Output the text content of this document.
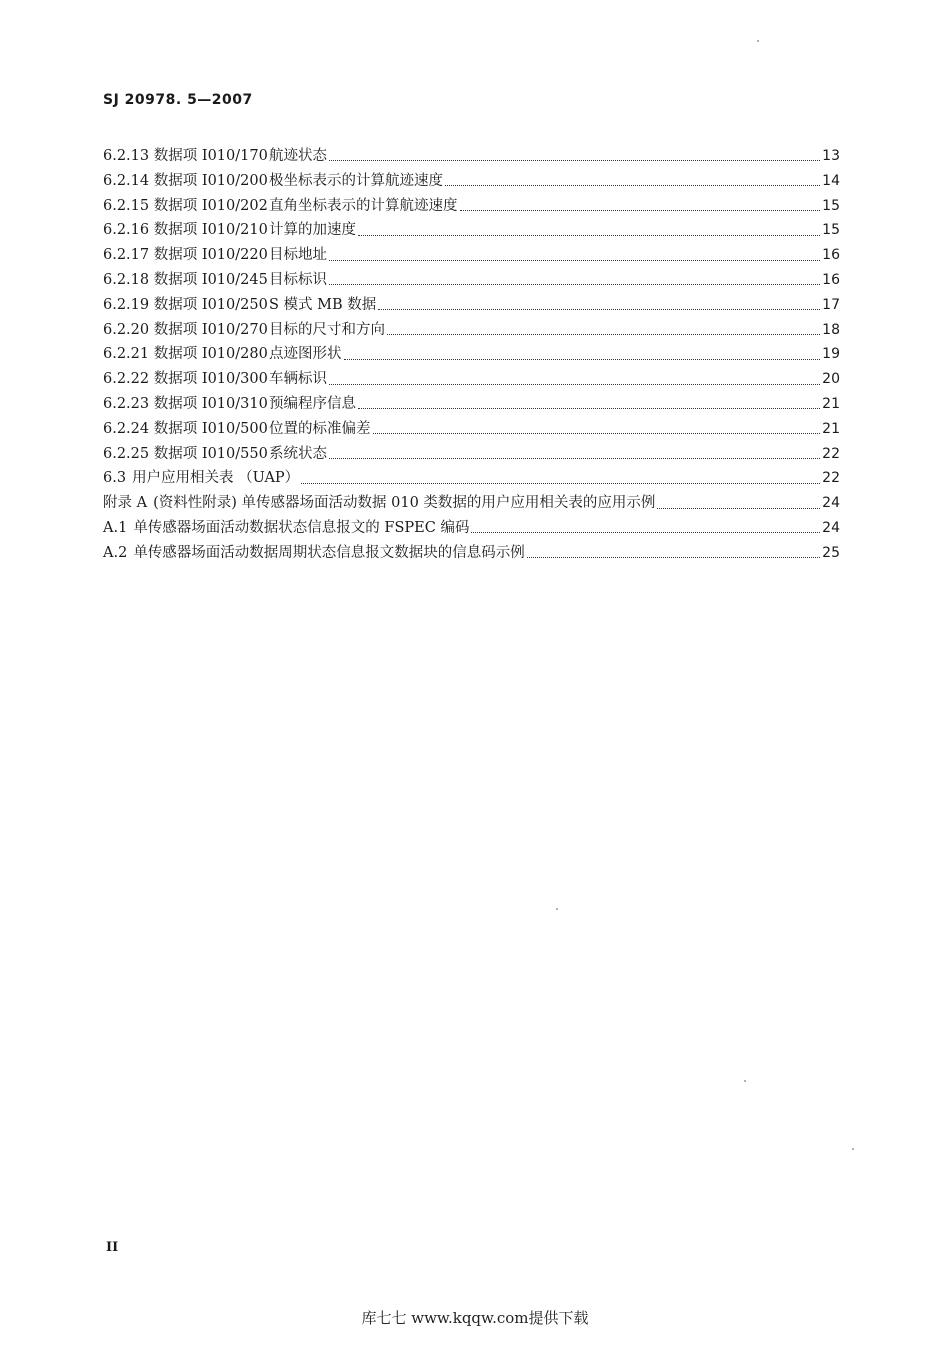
SJ 20978. 5—2007
6.2.13 数据项 I010/170 航迹状态	13
6.2.14 数据项 I010/200 极坐标表示的计算航迹速度	14
6.2.15 数据项 I010/202 直角坐标表示的计算航迹速度	15
6.2.16 数据项 I010/210 计算的加速度	15
6.2.17 数据项 I010/220 目标地址	16
6.2.18 数据项 I010/245 目标标识	16
6.2.19 数据项 I010/250 S 模式 MB 数据	17
6.2.20 数据项 I010/270 目标的尺寸和方向	18
6.2.21 数据项 I010/280 点迹图形状	19
6.2.22 数据项 I010/300 车辆标识	20
6.2.23 数据项 I010/310 预编程序信息	21
6.2.24 数据项 I010/500 位置的标准偏差	21
6.2.25 数据项 I010/550 系统状态	22
6.3 用户应用相关表 （UAP）	22
附录 A (资料性附录) 单传感器场面活动数据 010 类数据的用户应用相关表的应用示例	24
A.1 单传感器场面活动数据状态信息报文的 FSPEC 编码	24
A.2 单传感器场面活动数据周期状态信息报文数据块的信息码示例	25
II
库七七 www.kqqw.com提供下载
